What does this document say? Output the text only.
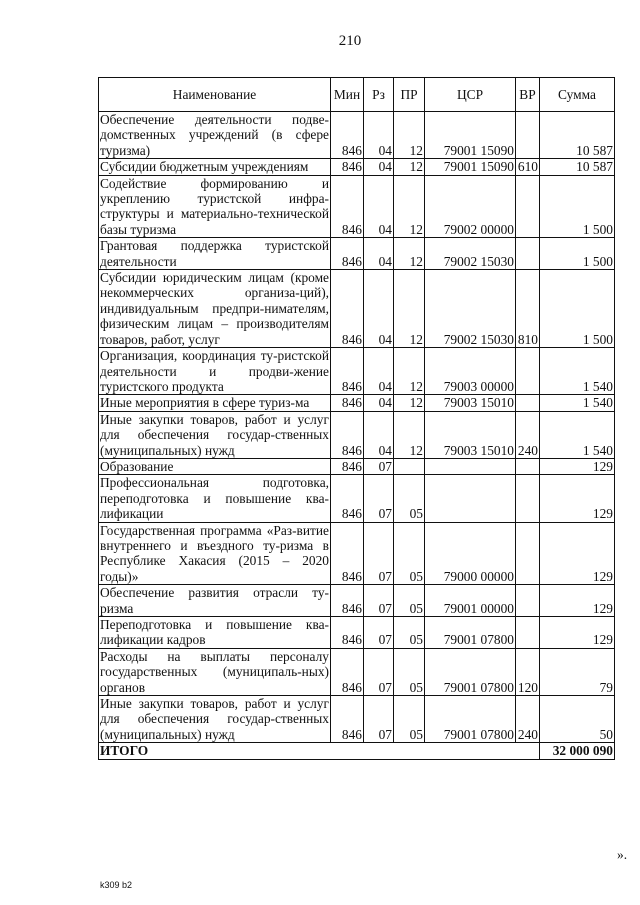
210
Наименование	Мин	Рз	ПР	ЦСР	ВР	Сумма
Обеспечение деятельности подве-домственных учреждений (в сфере туризма)	846	04	12	79001 15090		10 587
Субсидии бюджетным учреждениям	846	04	12	79001 15090	610	10 587
Содействие формированию и укреплению туристской инфра-структуры и материально-технической базы туризма	846	04	12	79002 00000		1 500
Грантовая поддержка туристской деятельности	846	04	12	79002 15030		1 500
Субсидии юридическим лицам (кроме некоммерческих организа-ций), индивидуальным предпри-нимателям, физическим лицам – производителям товаров, работ, услуг	846	04	12	79002 15030	810	1 500
Организация, координация ту-ристской деятельности и продви-жение туристского продукта	846	04	12	79003 00000		1 540
Иные мероприятия в сфере туриз-ма	846	04	12	79003 15010		1 540
Иные закупки товаров, работ и услуг для обеспечения государ-ственных (муниципальных) нужд	846	04	12	79003 15010	240	1 540
Образование	846	07				129
Профессиональная подготовка, переподготовка и повышение ква-лификации	846	07	05			129
Государственная программа «Раз-витие внутреннего и въездного ту-ризма в Республике Хакасия (2015 – 2020 годы)»	846	07	05	79000 00000		129
Обеспечение развития отрасли ту-ризма	846	07	05	79001 00000		129
Переподготовка и повышение ква-лификации кадров	846	07	05	79001 07800		129
Расходы на выплаты персоналу государственных (муниципаль-ных) органов	846	07	05	79001 07800	120	79
Иные закупки товаров, работ и услуг для обеспечения государ-ственных (муниципальных) нужд	846	07	05	79001 07800	240	50
ИТОГО						32 000 090
».
k309 b2
